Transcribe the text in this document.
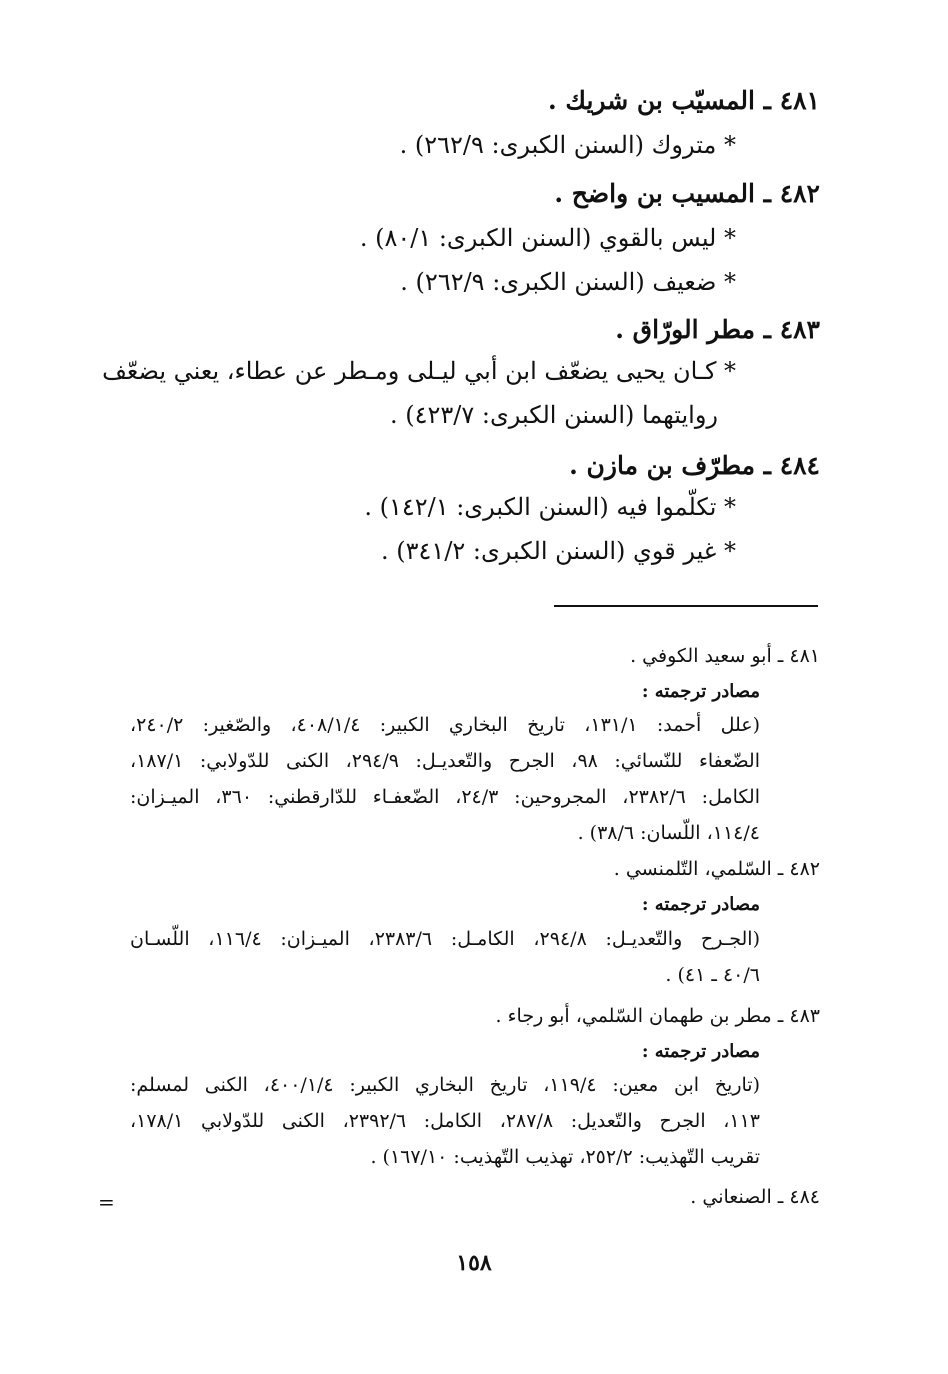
٤٨١ ـ المسيّب بن شريك .
* متروك (السنن الكبرى: ٢٦٢/٩) .
٤٨٢ ـ المسيب بن واضح .
* ليس بالقوي (السنن الكبرى: ٨٠/١) .
* ضعيف (السنن الكبرى: ٢٦٢/٩) .
٤٨٣ ـ مطر الورّاق .
* كـان يحيى يضعّف ابن أبي ليـلى ومـطر عن عطاء، يعني يضعّف
روايتهما (السنن الكبرى: ٤٢٣/٧) .
٤٨٤ ـ مطرّف بن مازن .
* تكلّموا فيه (السنن الكبرى: ١٤٢/١) .
* غير قوي (السنن الكبرى: ٣٤١/٢) .
٤٨١ ـ أبو سعيد الكوفي .
مصادر ترجمته :
(علل أحمد: ١٣١/١، تاريخ البخاري الكبير: ٤٠٨/١/٤، والصّغير: ٢٤٠/٢،
الضّعفاء للنّسائي: ٩٨، الجرح والتّعديـل: ٢٩٤/٩، الكنى للدّولابي: ١٨٧/١،
الكامل: ٢٣٨٢/٦، المجروحين: ٢٤/٣، الضّعفـاء للدّارقطني: ٣٦٠، الميـزان:
١١٤/٤، اللّسان: ٣٨/٦) .
٤٨٢ ـ السّلمي، التّلمنسي .
مصادر ترجمته :
(الجـرح والتّعديـل: ٢٩٤/٨، الكامـل: ٢٣٨٣/٦، الميـزان: ١١٦/٤، اللّسـان
٤٠/٦ ـ ٤١) .
٤٨٣ ـ مطر بن طهمان السّلمي، أبو رجاء .
مصادر ترجمته :
(تاريخ ابن معين: ١١٩/٤، تاريخ البخاري الكبير: ٤٠٠/١/٤، الكنى لمسلم:
١١٣، الجرح والتّعديل: ٢٨٧/٨، الكامل: ٢٣٩٢/٦، الكنى للدّولابي ١٧٨/١،
تقريب التّهذيب: ٢٥٢/٢، تهذيب التّهذيب: ١٦٧/١٠) .
٤٨٤ ـ الصنعاني .
=
١٥٨
